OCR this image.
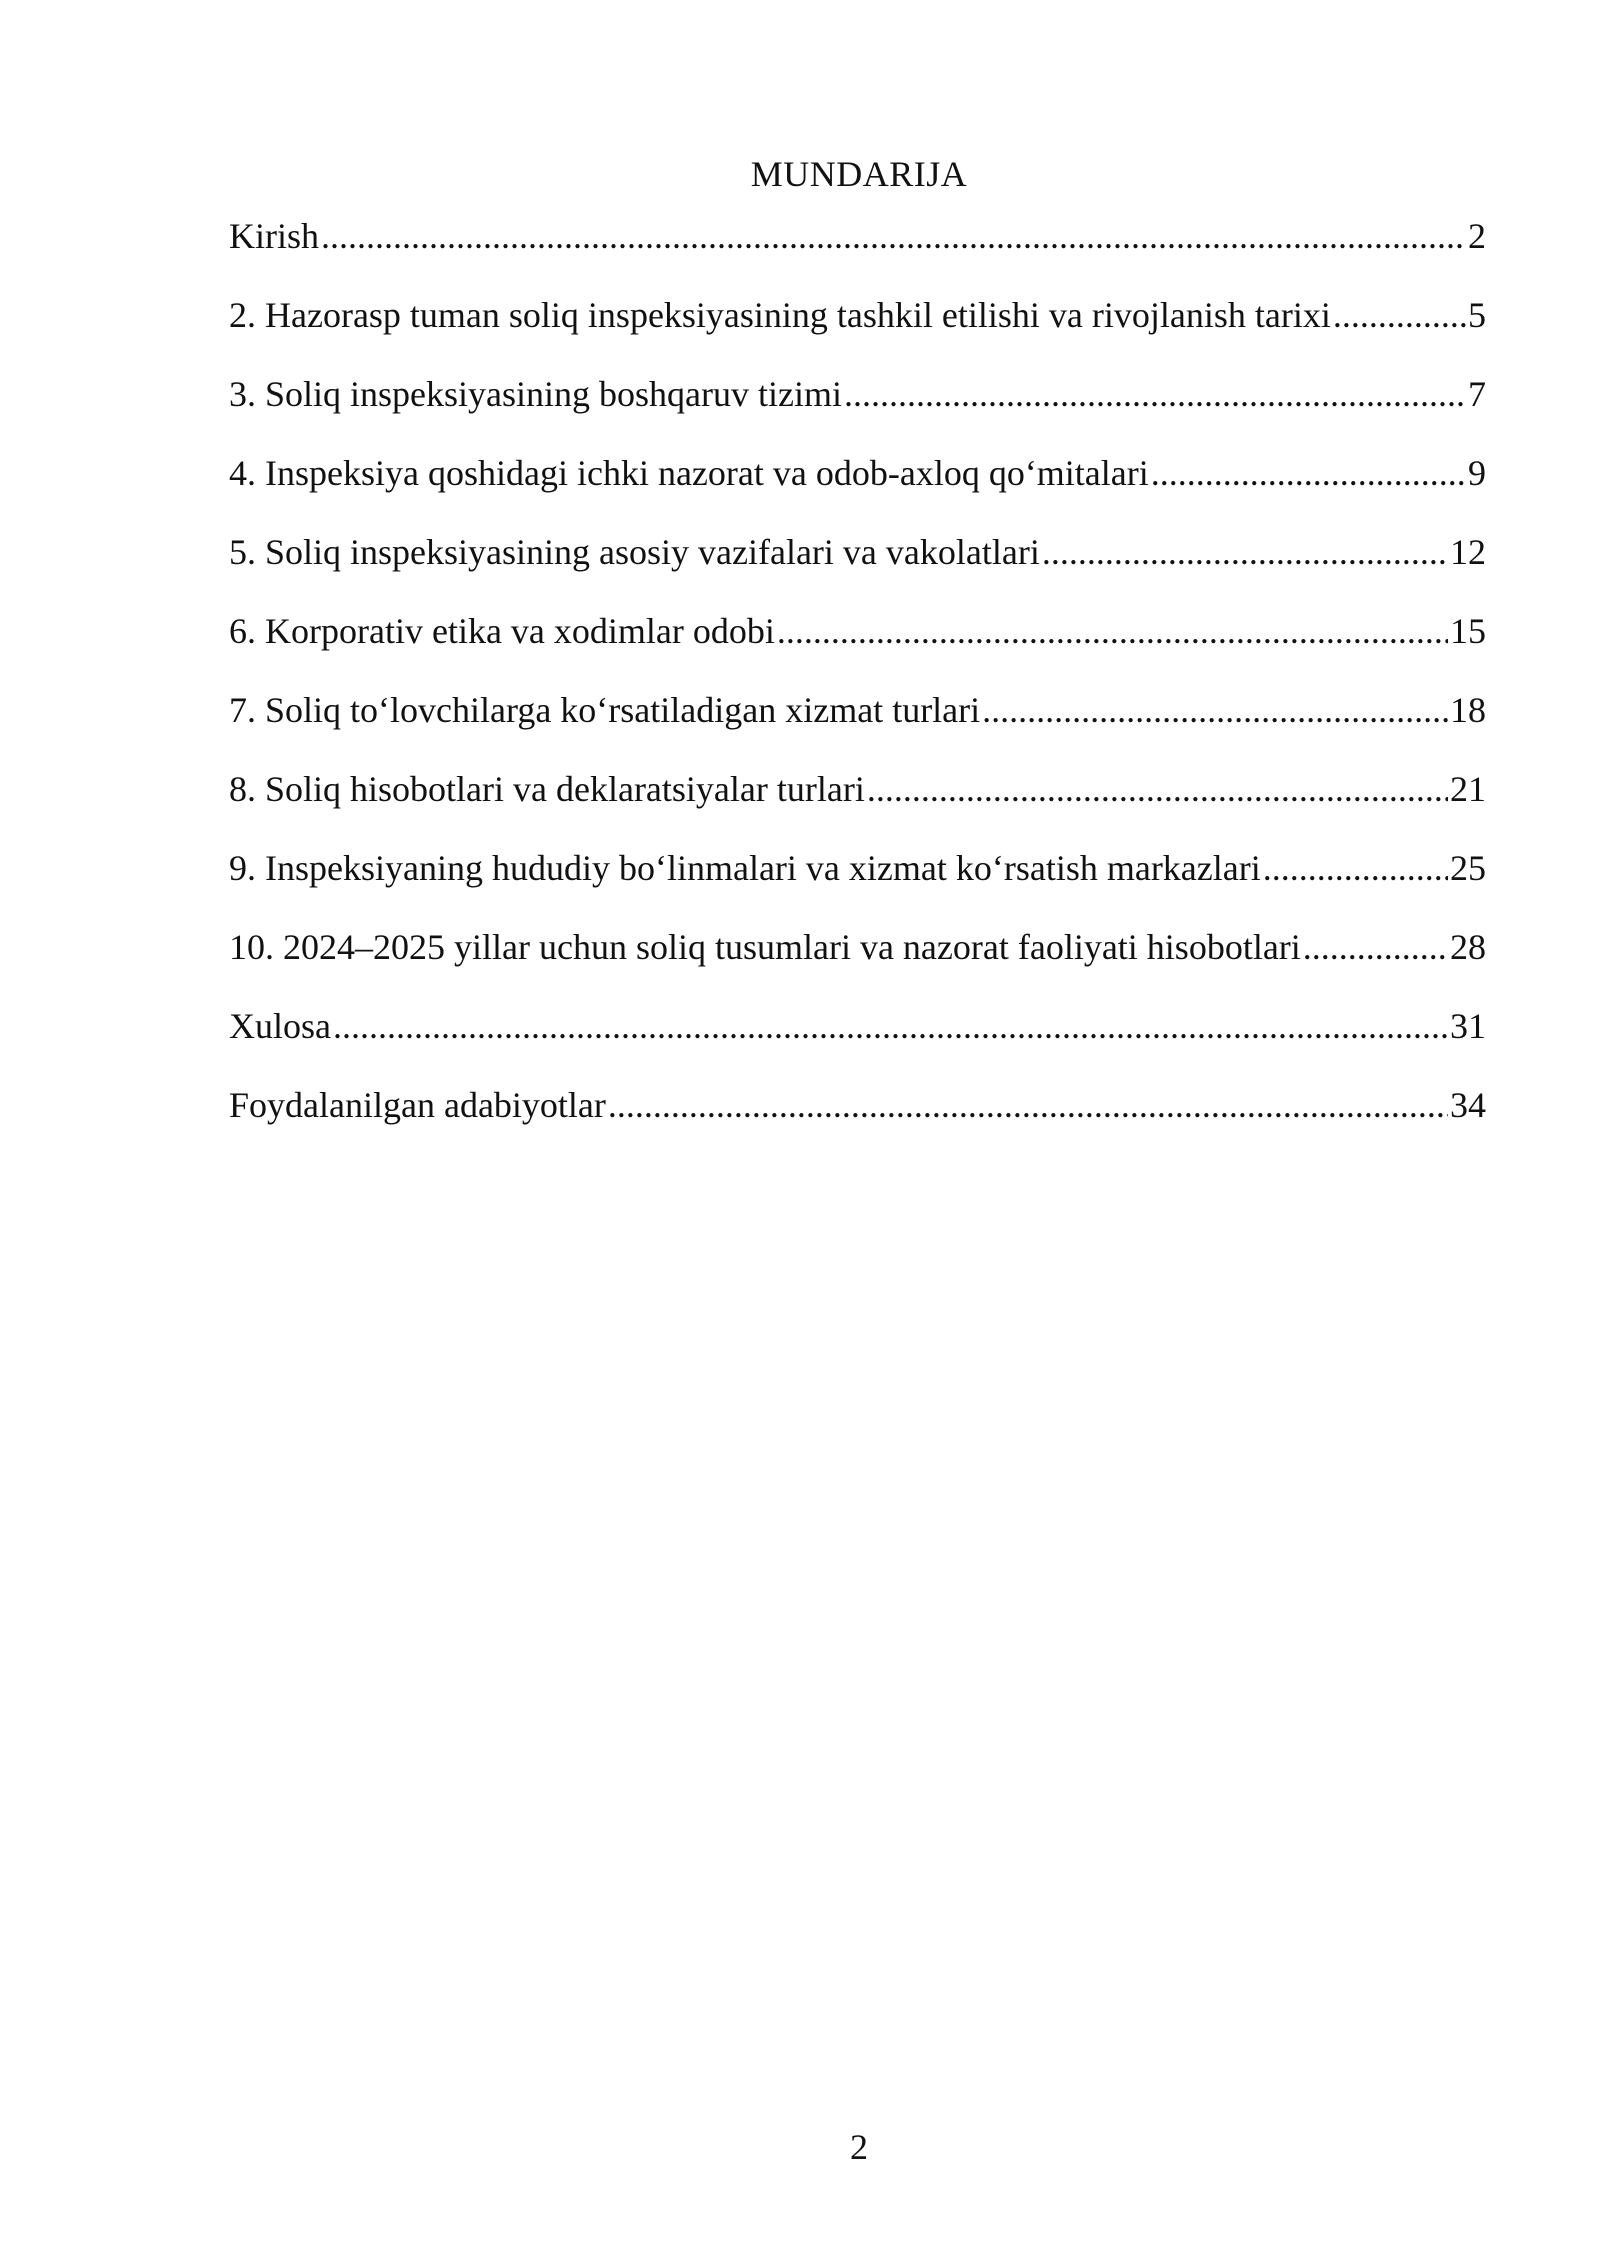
MUNDARIJA
Kirish .....	2
2. Hazorasp tuman soliq inspeksiyasining tashkil etilishi va rivojlanish tarixi .....	5
3. Soliq inspeksiyasining boshqaruv tizimi .....	7
4. Inspeksiya qoshidagi ichki nazorat va odob-axloq qo‘mitalari .....	9
5. Soliq inspeksiyasining asosiy vazifalari va vakolatlari .....	12
6. Korporativ etika va xodimlar odobi .....	15
7. Soliq to‘lovchilarga ko‘rsatiladigan xizmat turlari .....	18
8. Soliq hisobotlari va deklaratsiyalar turlari .....	21
9. Inspeksiyaning hududiy bo‘linmalari va xizmat ko‘rsatish markazlari .....	25
10. 2024–2025 yillar uchun soliq tusumlari va nazorat faoliyati hisobotlari .....	28
Xulosa .....	31
Foydalanilgan adabiyotlar .....	34
2
